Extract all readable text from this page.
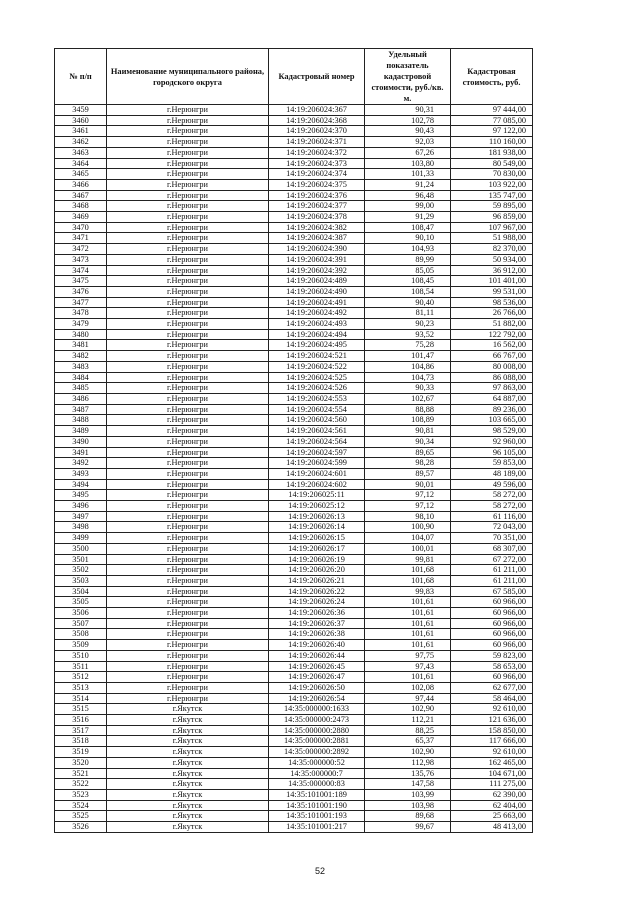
№ п/п	Наименование муниципального района, городского округа	Кадастровый номер	Удельный показатель кадастровой стоимости, руб./кв. м.	Кадастровая стоимость, руб.
3459	г.Нерюнгри	14:19:206024:367	90,31	97 444,00
3460	г.Нерюнгри	14:19:206024:368	102,78	77 085,00
3461	г.Нерюнгри	14:19:206024:370	90,43	97 122,00
3462	г.Нерюнгри	14:19:206024:371	92,03	110 160,00
3463	г.Нерюнгри	14:19:206024:372	67,26	181 938,00
3464	г.Нерюнгри	14:19:206024:373	103,80	80 549,00
3465	г.Нерюнгри	14:19:206024:374	101,33	70 830,00
3466	г.Нерюнгри	14:19:206024:375	91,24	103 922,00
3467	г.Нерюнгри	14:19:206024:376	96,48	135 747,00
3468	г.Нерюнгри	14:19:206024:377	99,00	59 895,00
3469	г.Нерюнгри	14:19:206024:378	91,29	96 859,00
3470	г.Нерюнгри	14:19:206024:382	108,47	107 967,00
3471	г.Нерюнгри	14:19:206024:387	90,10	51 988,00
3472	г.Нерюнгри	14:19:206024:390	104,93	82 370,00
3473	г.Нерюнгри	14:19:206024:391	89,99	50 934,00
3474	г.Нерюнгри	14:19:206024:392	85,05	36 912,00
3475	г.Нерюнгри	14:19:206024:489	108,45	101 401,00
3476	г.Нерюнгри	14:19:206024:490	108,54	99 531,00
3477	г.Нерюнгри	14:19:206024:491	90,40	98 536,00
3478	г.Нерюнгри	14:19:206024:492	81,11	26 766,00
3479	г.Нерюнгри	14:19:206024:493	90,23	51 882,00
3480	г.Нерюнгри	14:19:206024:494	93,52	122 792,00
3481	г.Нерюнгри	14:19:206024:495	75,28	16 562,00
3482	г.Нерюнгри	14:19:206024:521	101,47	66 767,00
3483	г.Нерюнгри	14:19:206024:522	104,86	80 008,00
3484	г.Нерюнгри	14:19:206024:525	104,73	86 088,00
3485	г.Нерюнгри	14:19:206024:526	90,33	97 863,00
3486	г.Нерюнгри	14:19:206024:553	102,67	64 887,00
3487	г.Нерюнгри	14:19:206024:554	88,88	89 236,00
3488	г.Нерюнгри	14:19:206024:560	108,89	103 665,00
3489	г.Нерюнгри	14:19:206024:561	90,81	98 529,00
3490	г.Нерюнгри	14:19:206024:564	90,34	92 960,00
3491	г.Нерюнгри	14:19:206024:597	89,65	96 105,00
3492	г.Нерюнгри	14:19:206024:599	98,28	59 853,00
3493	г.Нерюнгри	14:19:206024:601	89,57	48 189,00
3494	г.Нерюнгри	14:19:206024:602	90,01	49 596,00
3495	г.Нерюнгри	14:19:206025:11	97,12	58 272,00
3496	г.Нерюнгри	14:19:206025:12	97,12	58 272,00
3497	г.Нерюнгри	14:19:206026:13	98,10	61 116,00
3498	г.Нерюнгри	14:19:206026:14	100,90	72 043,00
3499	г.Нерюнгри	14:19:206026:15	104,07	70 351,00
3500	г.Нерюнгри	14:19:206026:17	100,01	68 307,00
3501	г.Нерюнгри	14:19:206026:19	99,81	67 272,00
3502	г.Нерюнгри	14:19:206026:20	101,68	61 211,00
3503	г.Нерюнгри	14:19:206026:21	101,68	61 211,00
3504	г.Нерюнгри	14:19:206026:22	99,83	67 585,00
3505	г.Нерюнгри	14:19:206026:24	101,61	60 966,00
3506	г.Нерюнгри	14:19:206026:36	101,61	60 966,00
3507	г.Нерюнгри	14:19:206026:37	101,61	60 966,00
3508	г.Нерюнгри	14:19:206026:38	101,61	60 966,00
3509	г.Нерюнгри	14:19:206026:40	101,61	60 966,00
3510	г.Нерюнгри	14:19:206026:44	97,75	59 823,00
3511	г.Нерюнгри	14:19:206026:45	97,43	58 653,00
3512	г.Нерюнгри	14:19:206026:47	101,61	60 966,00
3513	г.Нерюнгри	14:19:206026:50	102,08	62 677,00
3514	г.Нерюнгри	14:19:206026:54	97,44	58 464,00
3515	г.Якутск	14:35:000000:1633	102,90	92 610,00
3516	г.Якутск	14:35:000000:2473	112,21	121 636,00
3517	г.Якутск	14:35:000000:2880	88,25	158 850,00
3518	г.Якутск	14:35:000000:2881	65,37	117 666,00
3519	г.Якутск	14:35:000000:2892	102,90	92 610,00
3520	г.Якутск	14:35:000000:52	112,98	162 465,00
3521	г.Якутск	14:35:000000:7	135,76	104 671,00
3522	г.Якутск	14:35:000000:83	147,58	111 275,00
3523	г.Якутск	14:35:101001:189	103,99	62 390,00
3524	г.Якутск	14:35:101001:190	103,98	62 404,00
3525	г.Якутск	14:35:101001:193	89,68	25 663,00
3526	г.Якутск	14:35:101001:217	99,67	48 413,00
52
